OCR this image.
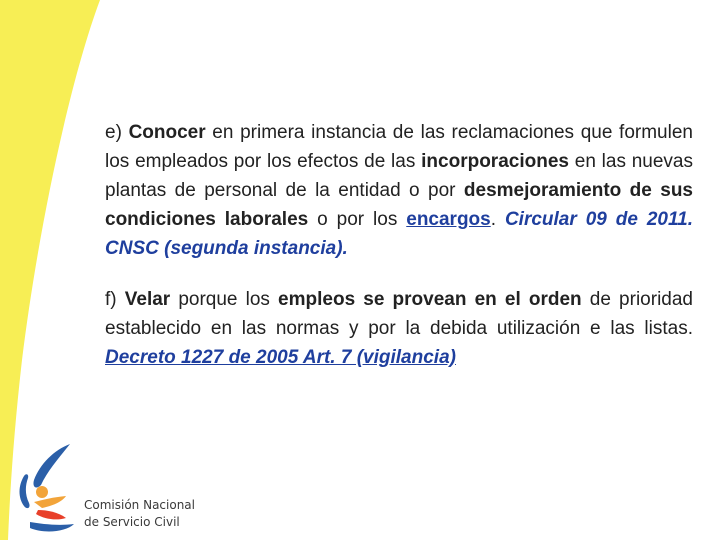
e) Conocer en primera instancia de las reclamaciones que formulen los empleados por los efectos de las incorporaciones en las nuevas plantas de personal de la entidad o por desmejoramiento de sus condiciones laborales o por los encargos. Circular 09 de 2011. CNSC (segunda instancia).

f) Velar porque los empleos se provean en el orden de prioridad establecido en las normas y por la debida utilización e las listas. Decreto 1227 de 2005 Art. 7 (vigilancia)

Comisión Nacional
de Servicio Civil
